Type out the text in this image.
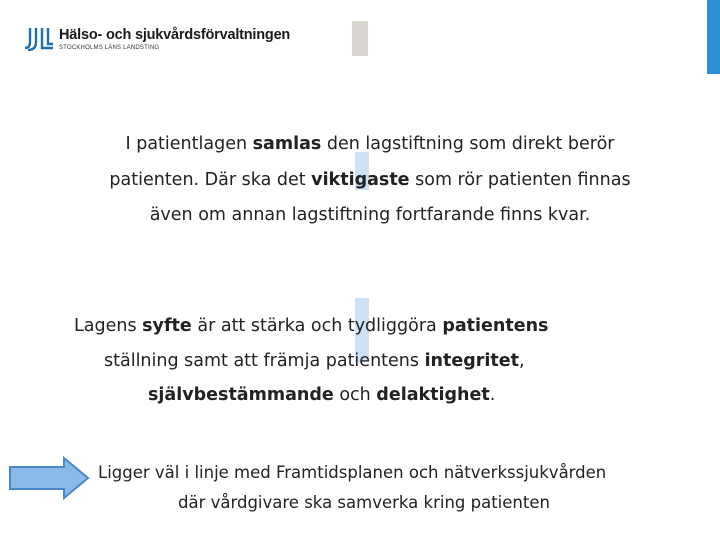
Hälso- och sjukvårdsförvaltningen
STOCKHOLMS LÄNS LANDSTING
I patientlagen samlas den lagstiftning som direkt berör
patienten. Där ska det viktigaste som rör patienten finnas
även om annan lagstiftning fortfarande finns kvar.
Lagens syfte är att stärka och tydliggöra patientens
ställning samt att främja patientens integritet,
självbestämmande och delaktighet.
Ligger väl i linje med Framtidsplanen och nätverkssjukvården
där vårdgivare ska samverka kring patienten
